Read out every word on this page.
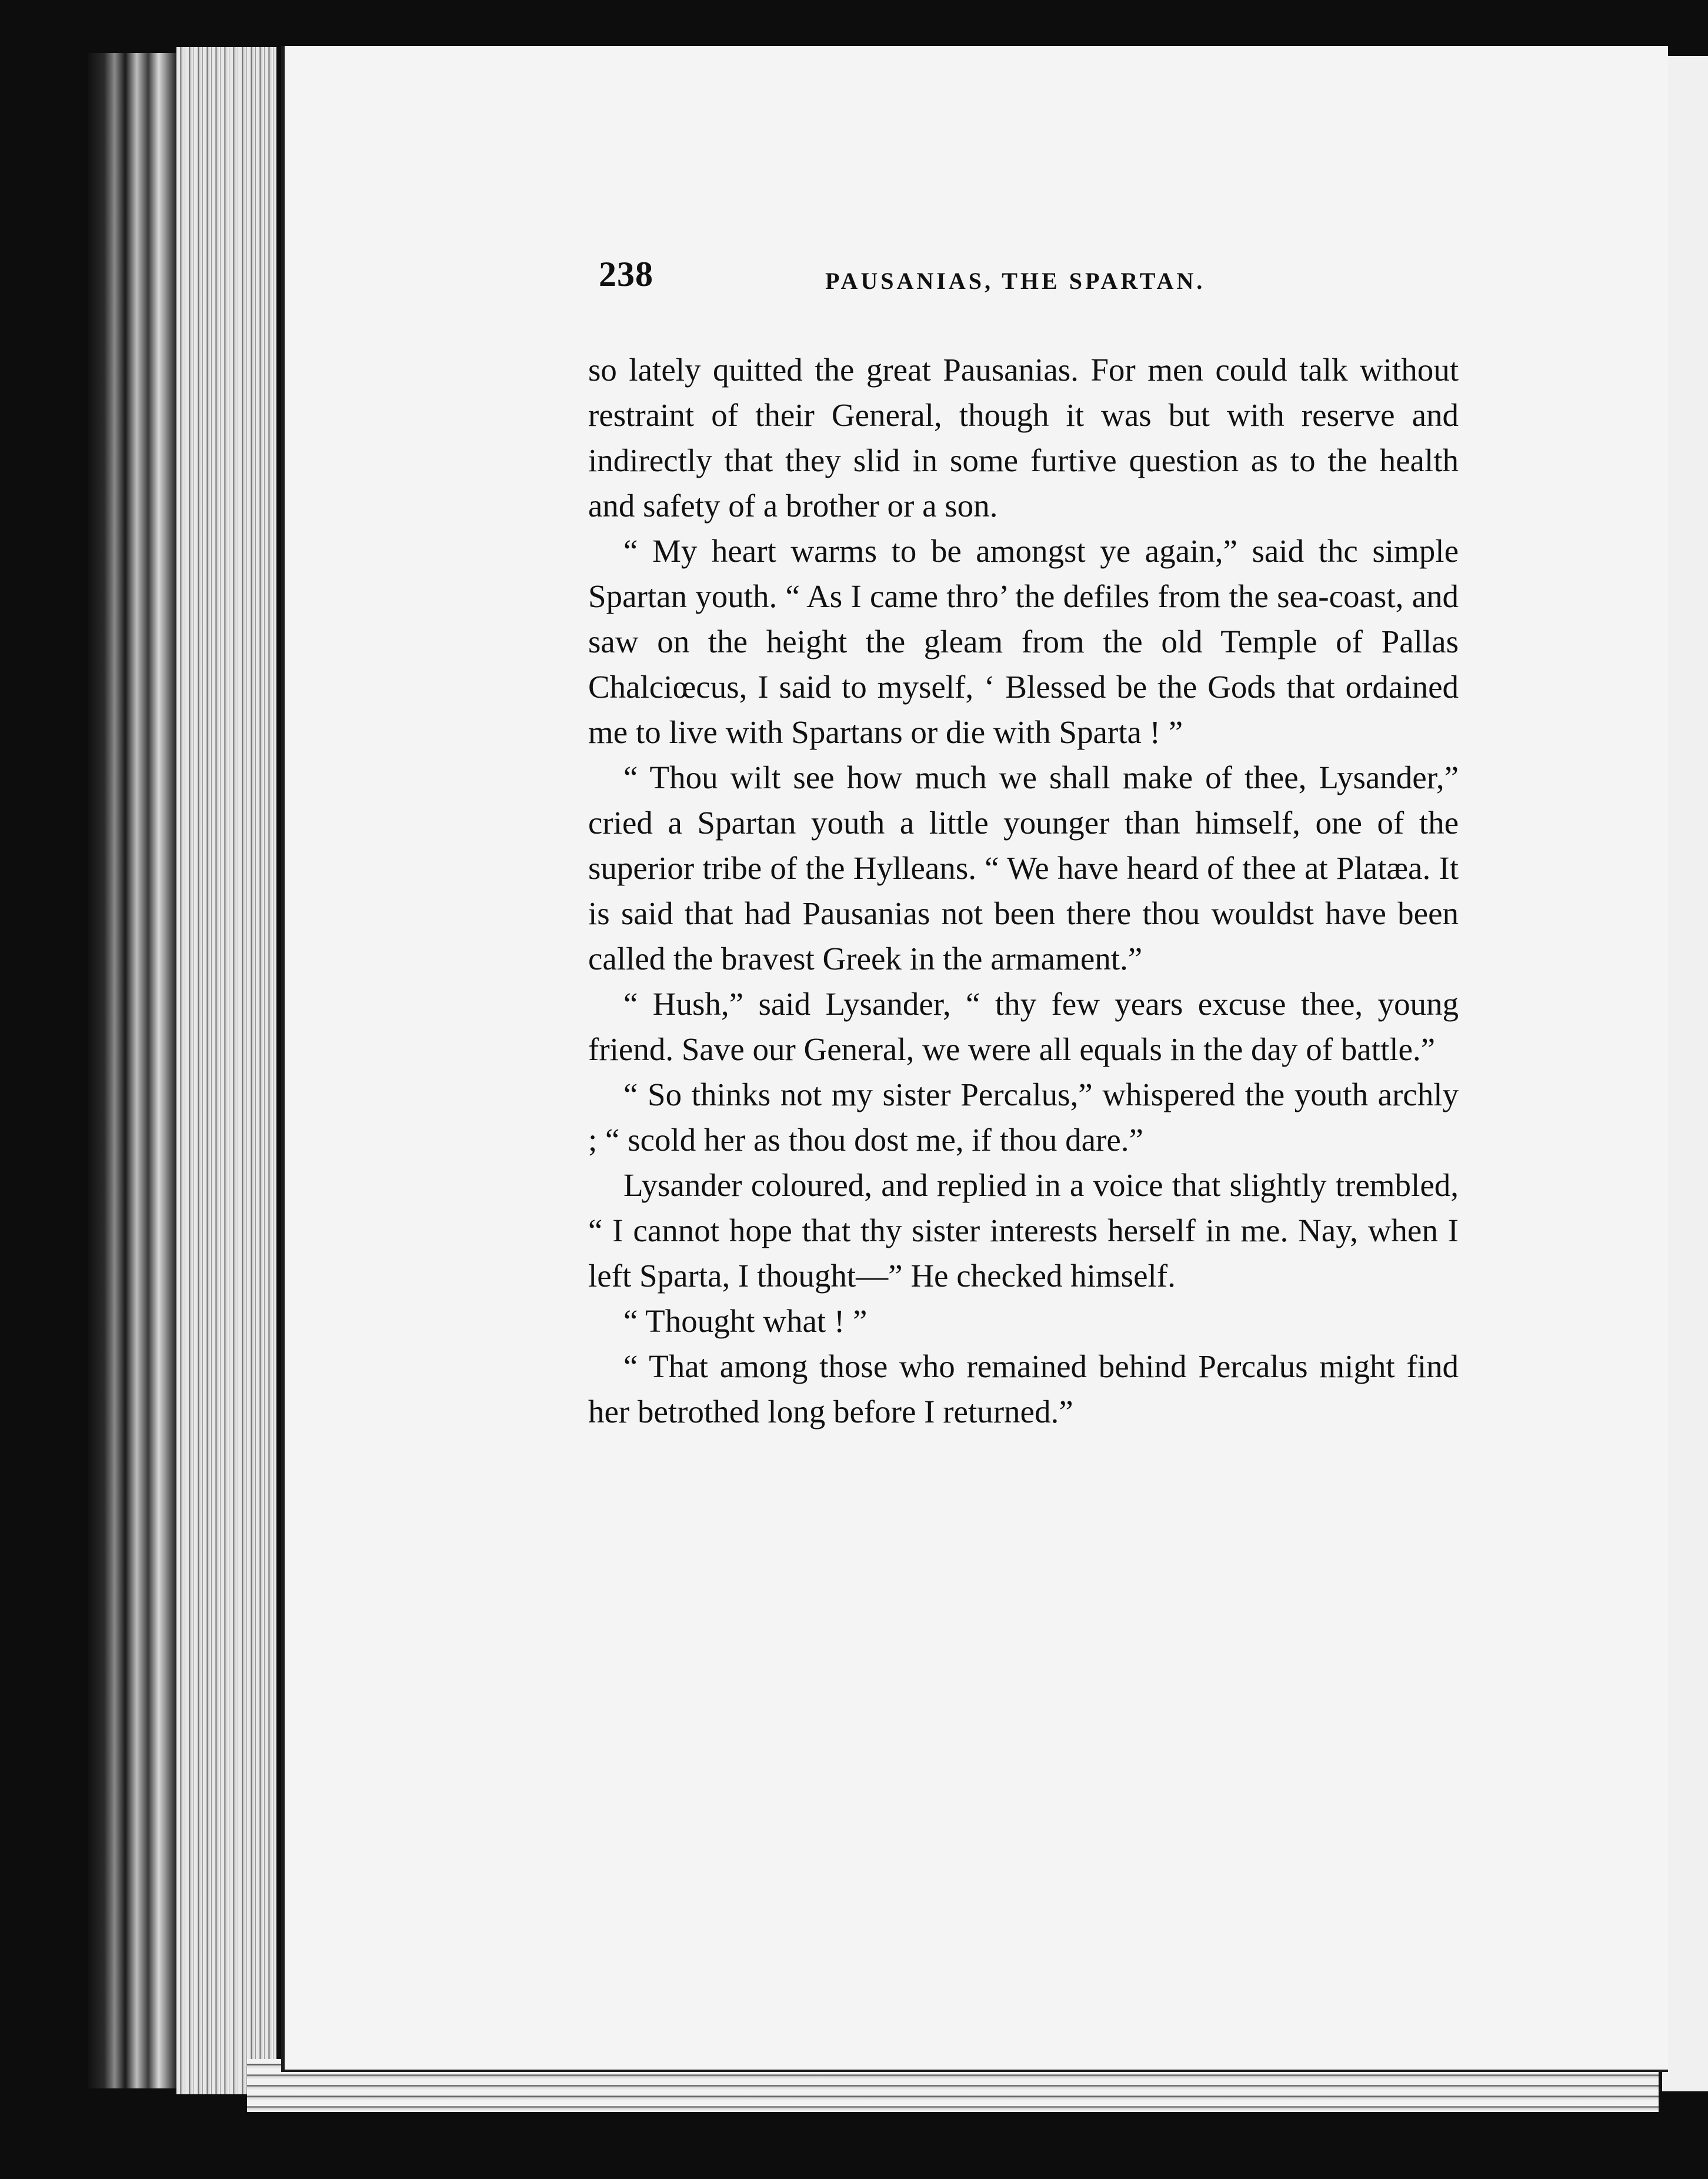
238	PAUSANIAS, THE SPARTAN.

so lately quitted the great Pausanias. For men could talk without restraint of their General, though it was but with reserve and indirectly that they slid in some furtive question as to the health and safety of a brother or a son.

“ My heart warms to be amongst ye again,” said thc simple Spartan youth. “ As I came thro’ the defiles from the sea-coast, and saw on the height the gleam from the old Temple of Pallas Chalciœcus, I said to myself, ‘ Blessed be the Gods that ordained me to live with Spartans or die with Sparta ! ”

“ Thou wilt see how much we shall make of thee, Lysander,” cried a Spartan youth a little younger than himself, one of the superior tribe of the Hylleans. “ We have heard of thee at Platæa. It is said that had Pausanias not been there thou wouldst have been called the bravest Greek in the armament.”

“ Hush,” said Lysander, “ thy few years excuse thee, young friend. Save our General, we were all equals in the day of battle.”

“ So thinks not my sister Percalus,” whispered the youth archly ; “ scold her as thou dost me, if thou dare.”

Lysander coloured, and replied in a voice that slightly trembled, “ I cannot hope that thy sister interests herself in me. Nay, when I left Sparta, I thought—” He checked himself.

“ Thought what ! ”

“ That among those who remained behind Percalus might find her betrothed long before I returned.”
